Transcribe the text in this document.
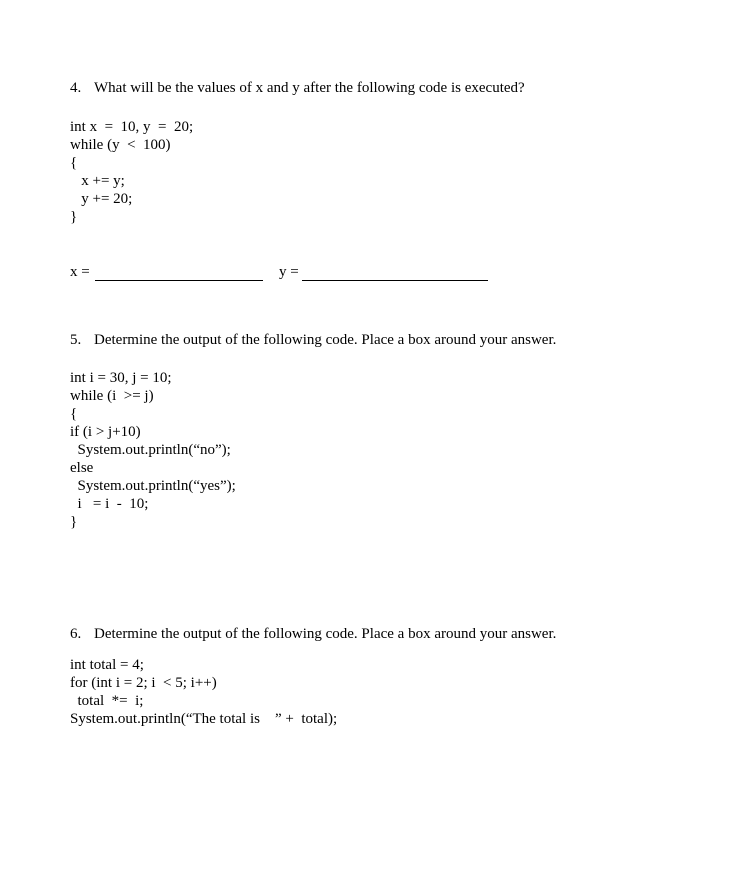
4. What will be the values of x and y after the following code is executed?
int x  =  10, y  =  20;
while (y  <  100)
{
x += y;
y += 20;
}
x =	y =
5. Determine the output of the following code. Place a box around your answer.
int i = 30, j = 10;
while (i  >= j)
{
if (i > j+10)
System.out.println(“no”);
else
System.out.println(“yes”);
i   = i  -  10;
}
6. Determine the output of the following code. Place a box around your answer.
int total = 4;
for (int i = 2; i  < 5; i++)
total  *=  i;
System.out.println(“The total is    ” +  total);
